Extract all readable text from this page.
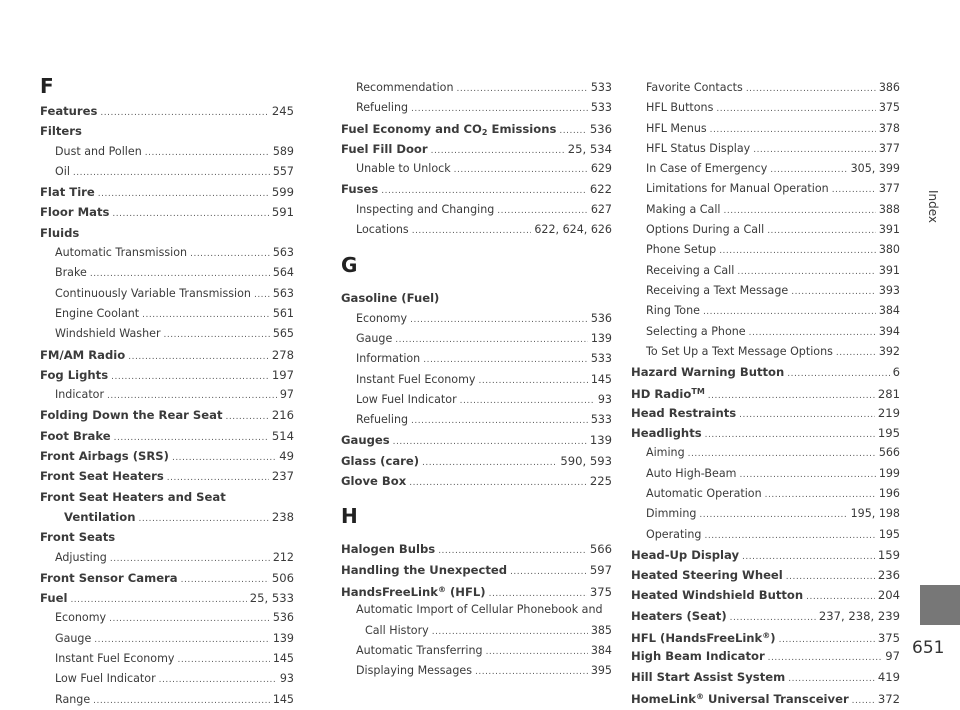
F
Features .....	245
Filters
Dust and Pollen .....	589
Oil .....	557
Flat Tire .....	599
Floor Mats .....	591
Fluids
Automatic Transmission .....	563
Brake .....	564
Continuously Variable Transmission ..... 563
Engine Coolant .....	561
Windshield Washer .....	565
FM/AM Radio .....	278
Fog Lights .....	197
Indicator .....	97
Folding Down the Rear Seat .....	216
Foot Brake .....	514
Front Airbags (SRS) .....	49
Front Seat Heaters .....	237
Front Seat Heaters and Seat
Ventilation .....	238
Front Seats
Adjusting .....	212
Front Sensor Camera .....	506
Fuel .....	25, 533
Economy .....	536
Gauge .....	139
Instant Fuel Economy .....	145
Low Fuel Indicator .....	93
Range .....	145
Recommendation .....	533
Refueling .....	533
Fuel Economy and $CO_2$ Emissions .....	536
Fuel Fill Door .....	25, 534
Unable to Unlock .....	629
Fuses .....	622
Inspecting and Changing .....	627
Locations .....	622, 624, 626
G
Gasoline (Fuel)
Economy .....	536
Gauge .....	139
Information .....	533
Instant Fuel Economy .....	145
Low Fuel Indicator .....	93
Refueling .....	533
Gauges .....	139
Glass (care) .....	590, 593
Glove Box .....	225
H
Halogen Bulbs .....	566
Handling the Unexpected .....	597
HandsFreeLink® (HFL) .....	375
Automatic Import of Cellular Phonebook and
Call History .....	385
Automatic Transferring .....	384
Displaying Messages .....	395
Favorite Contacts .....	386
HFL Buttons .....	375
HFL Menus .....	378
HFL Status Display .....	377
In Case of Emergency .....	305, 399
Limitations for Manual Operation .....	377
Making a Call .....	388
Options During a Call .....	391
Phone Setup .....	380
Receiving a Call .....	391
Receiving a Text Message .....	393
Ring Tone .....	384
Selecting a Phone .....	394
To Set Up a Text Message Options .....	392
Hazard Warning Button .....	6
HD Radio™ .....	281
Head Restraints .....	219
Headlights .....	195
Aiming .....	566
Auto High-Beam .....	199
Automatic Operation .....	196
Dimming .....	195, 198
Operating .....	195
Head-Up Display .....	159
Heated Steering Wheel .....	236
Heated Windshield Button .....	204
Heaters (Seat) .....	237, 238, 239
HFL (HandsFreeLink®) .....	375
High Beam Indicator .....	97
Hill Start Assist System .....	419
HomeLink® Universal Transceiver .....	372
Index
651
